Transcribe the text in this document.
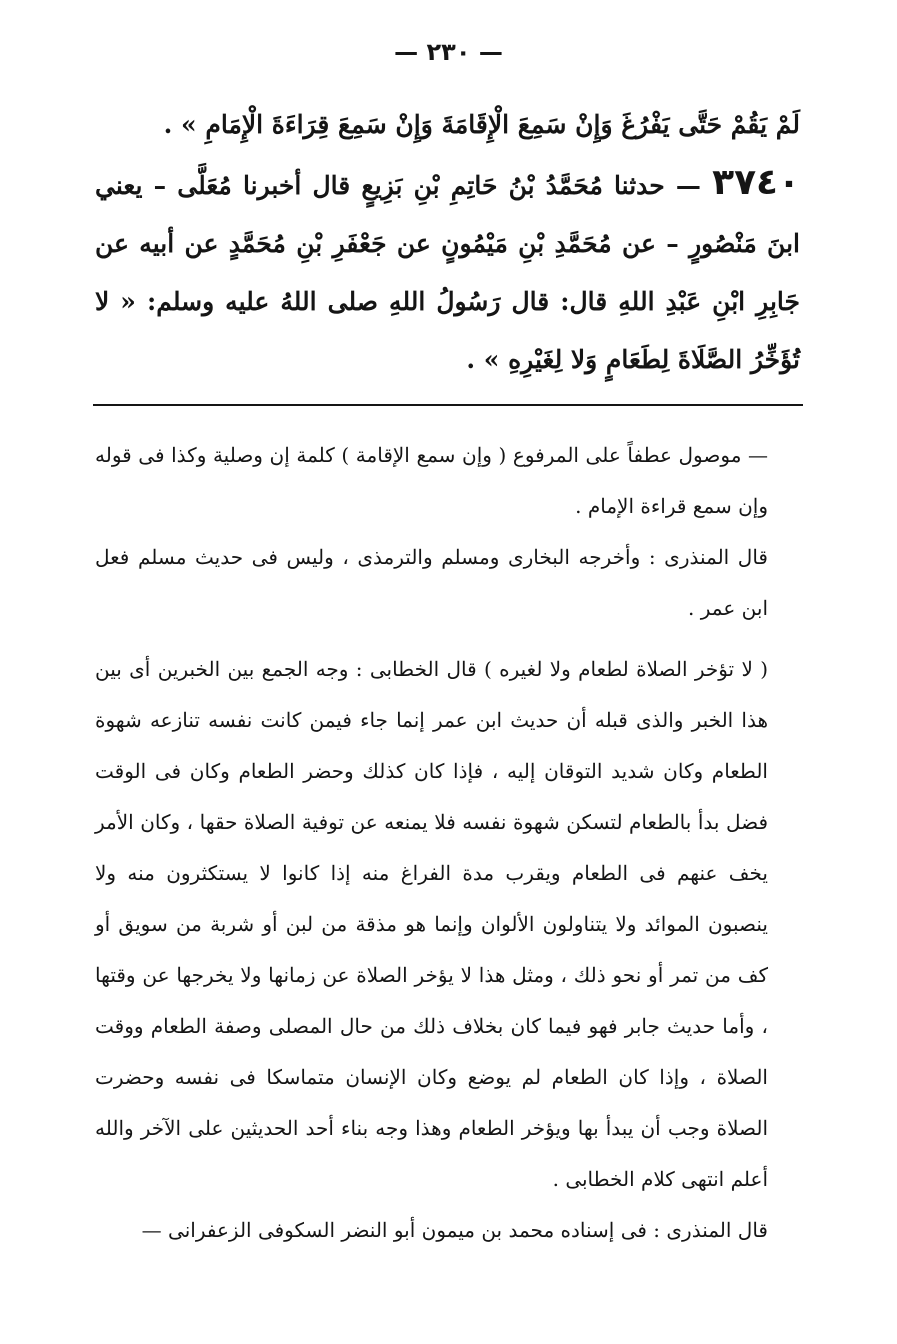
— ٢٣٠ —
لَمْ يَقُمْ حَتَّى يَفْرُغَ وَإِنْ سَمِعَ الْإِقَامَةَ وَإِنْ سَمِعَ قِرَاءَةَ الْإِمَامِ » .
٣٧٤٠ — حدثنا مُحَمَّدُ بْنُ حَاتِمِ بْنِ بَزِيعٍ قال أخبرنا مُعَلَّى – يعني ابنَ مَنْصُورٍ – عن مُحَمَّدِ بْنِ مَيْمُونٍ عن جَعْفَرِ بْنِ مُحَمَّدٍ عن أبيه عن جَابِرِ ابْنِ عَبْدِ اللهِ قال: قال رَسُولُ اللهِ صلى اللهُ عليه وسلم: « لا تُؤَخِّرُ الصَّلَاةَ لِطَعَامٍ وَلا لِغَيْرِهِ » .

— موصول عطفاً على المرفوع ( وإن سمع الإقامة ) كلمة إن وصلية وكذا فى قوله وإن سمع قراءة الإمام .

قال المنذرى : وأخرجه البخارى ومسلم والترمذى ، وليس فى حديث مسلم فعل ابن عمر .

( لا تؤخر الصلاة لطعام ولا لغيره ) قال الخطابى : وجه الجمع بين الخبرين أى بين هذا الخبر والذى قبله أن حديث ابن عمر إنما جاء فيمن كانت نفسه تنازعه شهوة الطعام وكان شديد التوقان إليه ، فإذا كان كذلك وحضر الطعام وكان فى الوقت فضل بدأ بالطعام لتسكن شهوة نفسه فلا يمنعه عن توفية الصلاة حقها ، وكان الأمر يخف عنهم فى الطعام ويقرب مدة الفراغ منه إذا كانوا لا يستكثرون منه ولا ينصبون الموائد ولا يتناولون الألوان وإنما هو مذقة من لبن أو شربة من سويق أو كف من تمر أو نحو ذلك ، ومثل هذا لا يؤخر الصلاة عن زمانها ولا يخرجها عن وقتها ، وأما حديث جابر فهو فيما كان بخلاف ذلك من حال المصلى وصفة الطعام ووقت الصلاة ، وإذا كان الطعام لم يوضع وكان الإنسان متماسكا فى نفسه وحضرت الصلاة وجب أن يبدأ بها ويؤخر الطعام وهذا وجه بناء أحد الحديثين على الآخر والله أعلم انتهى كلام الخطابى .

قال المنذرى : فى إسناده محمد بن ميمون أبو النضر السكوفى الزعفرانى —
